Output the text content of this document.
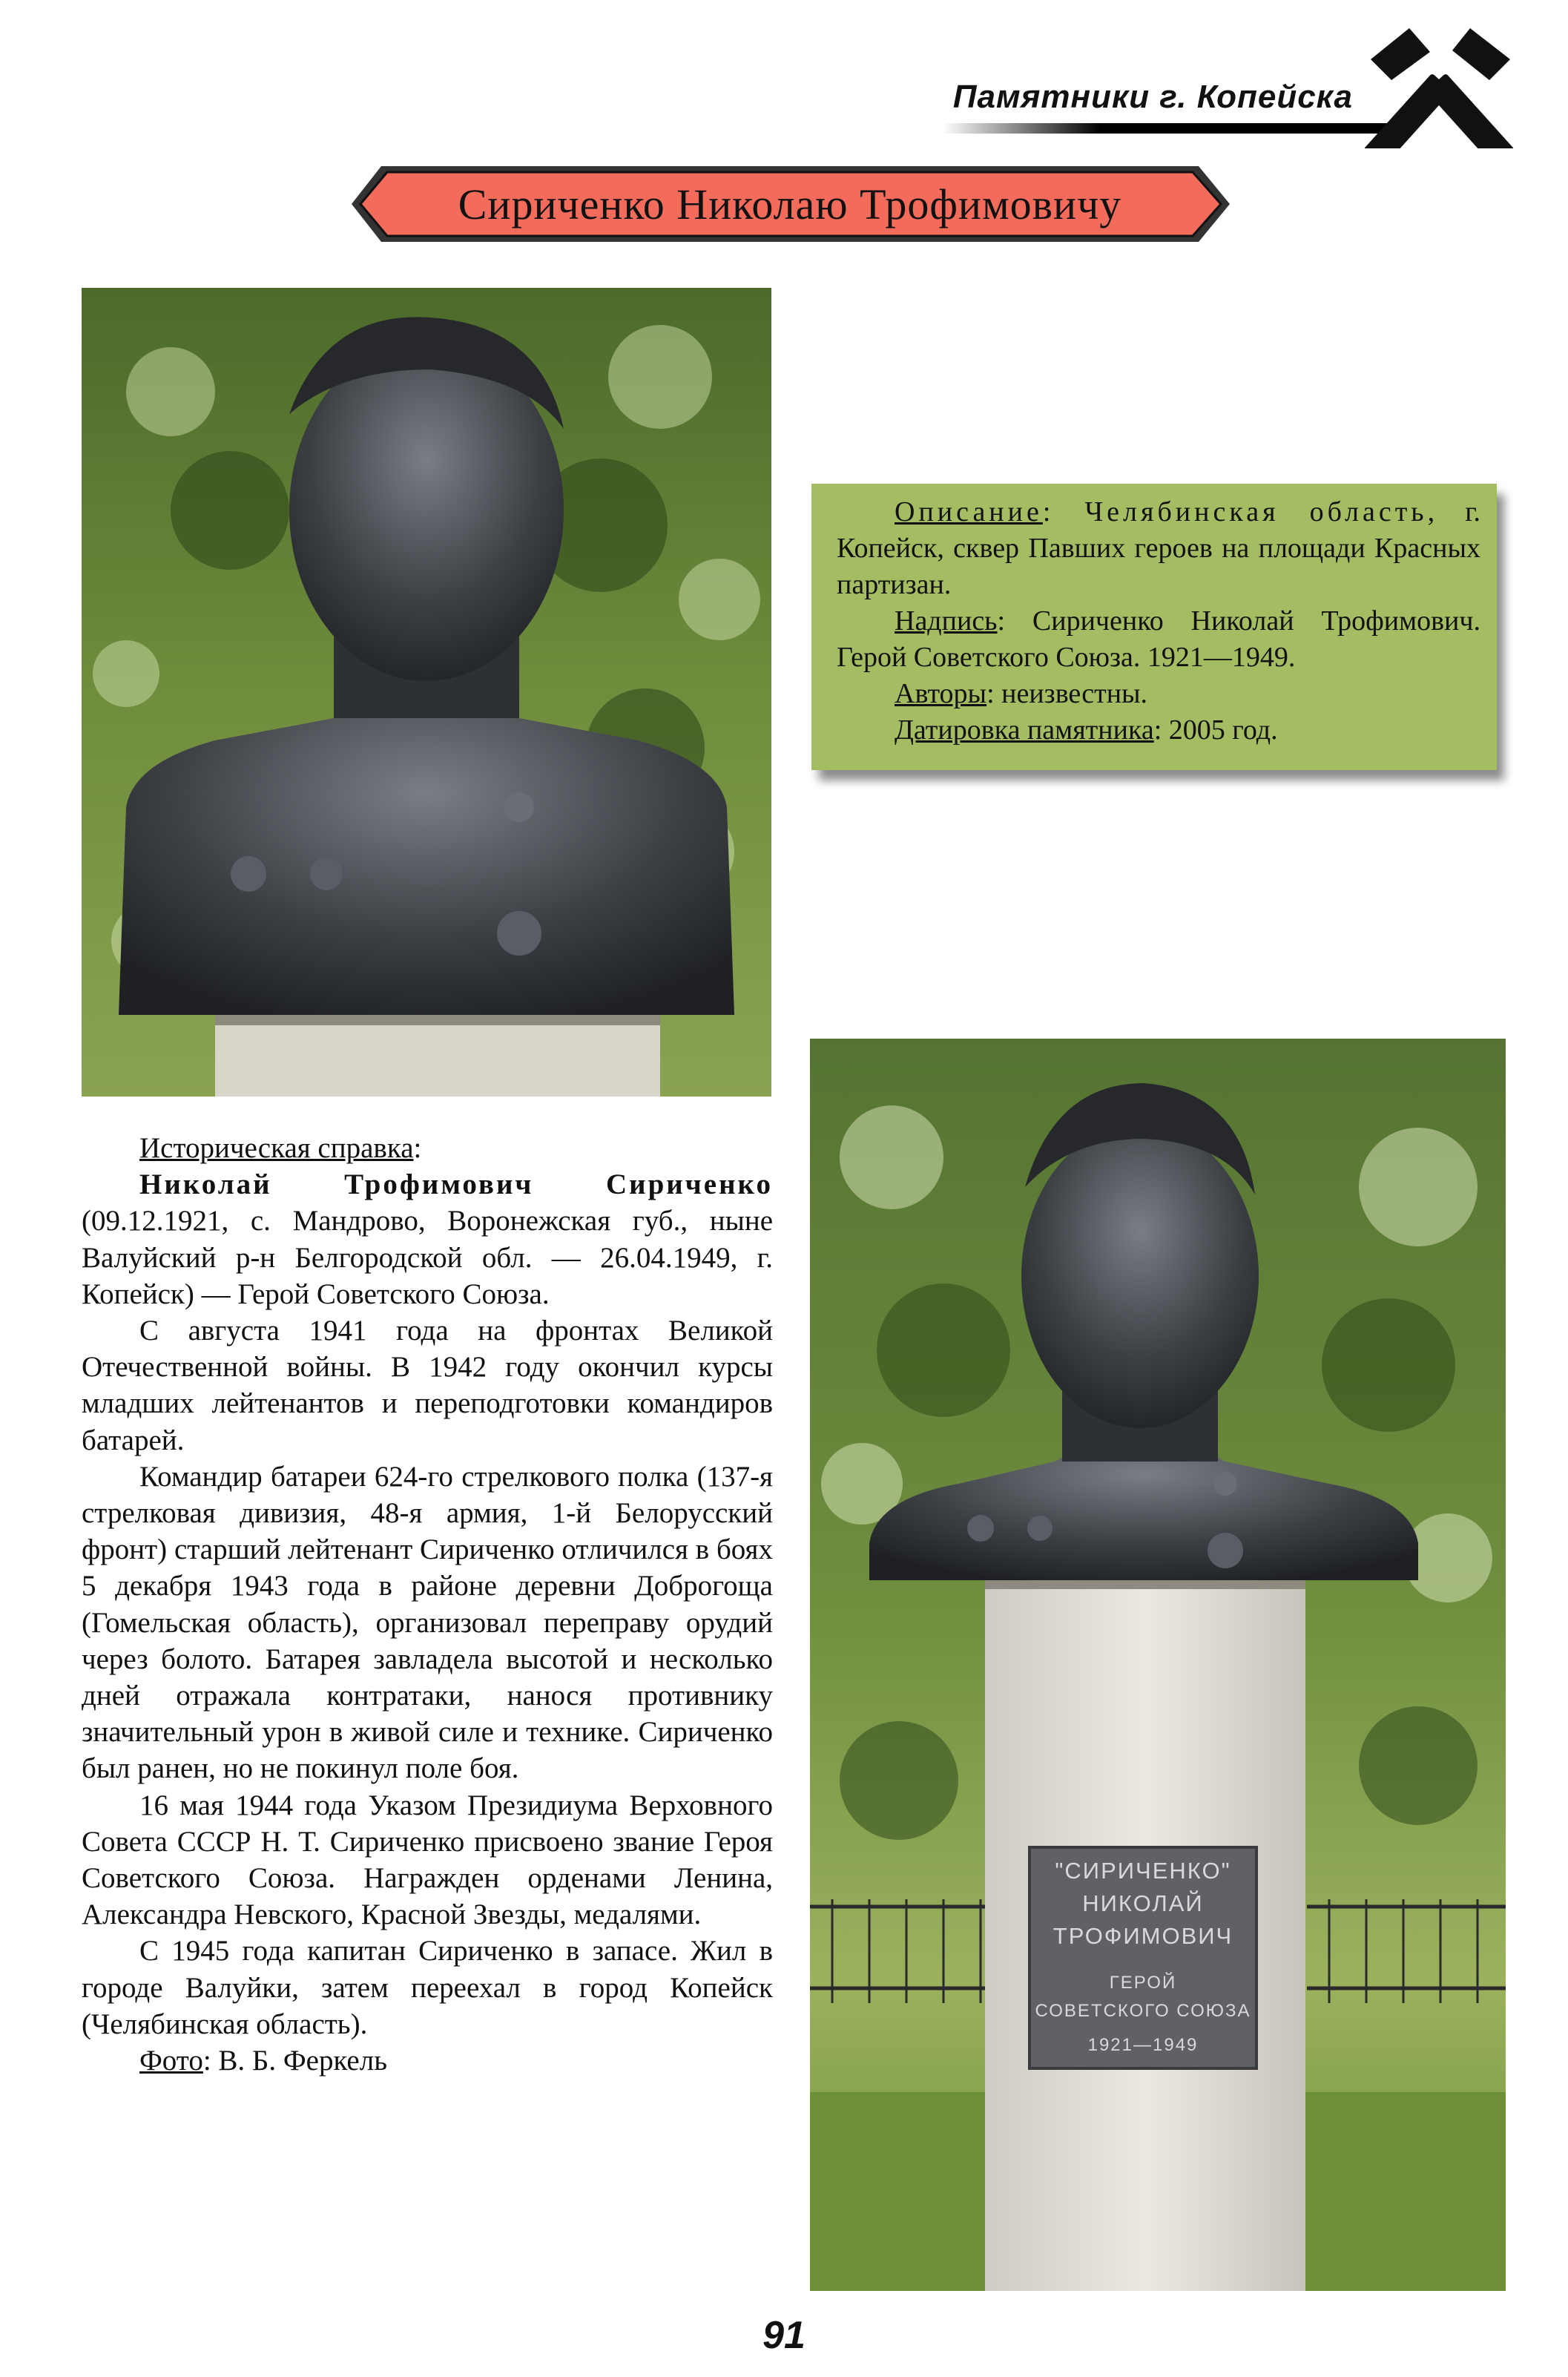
Памятники г. Копейска
Сириченко Николаю Трофимовичу

Описание: Челябинская область, г. Копейск, сквер Павших героев на площади Красных партизан.

Надпись: Сириченко Николай Трофимович. Герой Советского Союза. 1921—1949.

Авторы: неизвестны.

Датировка памятника: 2005 год.

"СИРИЧЕНКО"
НИКОЛАЙ
ТРОФИМОВИЧ
ГЕРОЙ
СОВЕТСКОГО СОЮЗА
1921—1949

Историческая справка:

Николай Трофимович Сириченко (09.12.1921, с. Мандрово, Воронежская губ., ныне Валуйский р-н Белгородской обл. — 26.04.1949, г. Копейск) — Герой Советского Союза.

С августа 1941 года на фронтах Великой Отечественной войны. В 1942 году окончил курсы младших лейтенантов и переподготовки командиров батарей.

Командир батареи 624-го стрелкового полка (137-я стрелковая дивизия, 48-я армия, 1-й Белорусский фронт) старший лейтенант Сириченко отличился в боях 5 декабря 1943 года в районе деревни Доброгоща (Гомельская область), организовал переправу орудий через болото. Батарея завладела высотой и несколько дней отражала контратаки, нанося противнику значительный урон в живой силе и технике. Сириченко был ранен, но не покинул поле боя.

16 мая 1944 года Указом Президиума Верховного Совета СССР Н. Т. Сириченко присвоено звание Героя Советского Союза. Награжден орденами Ленина, Александра Невского, Красной Звезды, медалями.

С 1945 года капитан Сириченко в запасе. Жил в городе Валуйки, затем переехал в город Копейск (Челябинская область).

Фото: В. Б. Феркель

91
